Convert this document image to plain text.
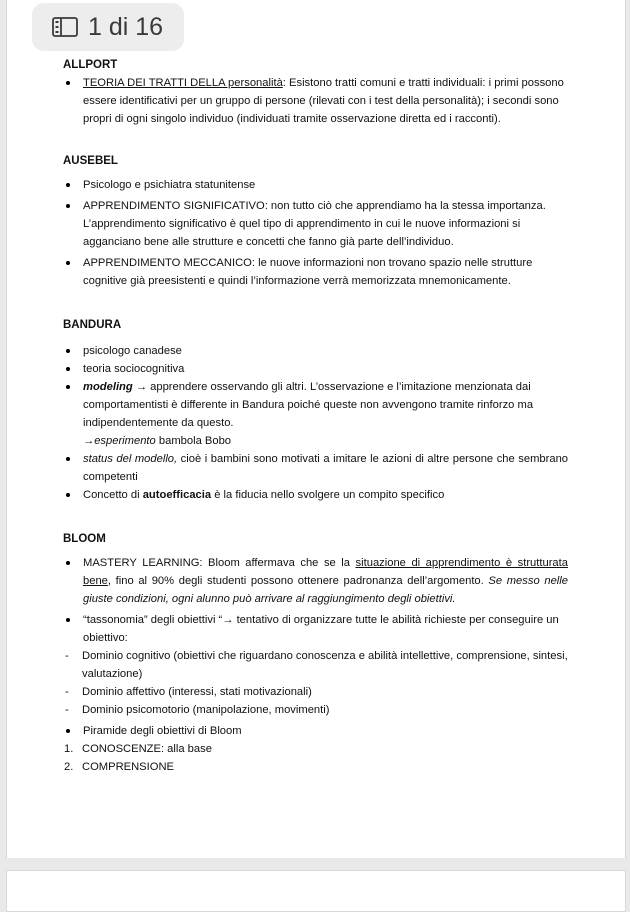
1 di 16

ALLPORT

TEORIA DEI TRATTI DELLA personalità: Esistono tratti comuni e tratti individuali: i primi possono essere identificativi per un gruppo di persone (rilevati con i test della personalità); i secondi sono propri di ogni singolo individuo (individuati tramite osservazione diretta ed i racconti).

AUSEBEL

Psicologo e psichiatra statunitense
APPRENDIMENTO SIGNIFICATIVO: non tutto ciò che apprendiamo ha la stessa importanza. L’apprendimento significativo è quel tipo di apprendimento in cui le nuove informazioni si agganciano bene alle strutture e concetti che fanno già parte dell’individuo.
APPRENDIMENTO MECCANICO: le nuove informazioni non trovano spazio nelle strutture cognitive già preesistenti e quindi l’informazione verrà memorizzata mnemonicamente.

BANDURA

psicologo canadese
teoria sociocognitiva
modeling → apprendere osservando gli altri. L’osservazione e l’imitazione menzionata dai comportamentisti è differente in Bandura poiché queste non avvengono tramite rinforzo ma indipendentemente da questo.
→esperimento bambola Bobo
status del modello, cioè i bambini sono motivati a imitare le azioni di altre persone che sembrano competenti
Concetto di autoefficacia è la fiducia nello svolgere un compito specifico

BLOOM

MASTERY LEARNING: Bloom affermava che se la situazione di apprendimento è strutturata bene, fino al 90% degli studenti possono ottenere padronanza dell’argomento. Se messo nelle giuste condizioni, ogni alunno può arrivare al raggiungimento degli obiettivi.
“tassonomia” degli obiettivi “→ tentativo di organizzare tutte le abilità richieste per conseguire un obiettivo:
- Dominio cognitivo (obiettivi che riguardano conoscenza e abilità intellettive, comprensione, sintesi, valutazione)
- Dominio affettivo (interessi, stati motivazionali)
- Dominio psicomotorio (manipolazione, movimenti)
Piramide degli obiettivi di Bloom
1. CONOSCENZE: alla base
2. COMPRENSIONE
